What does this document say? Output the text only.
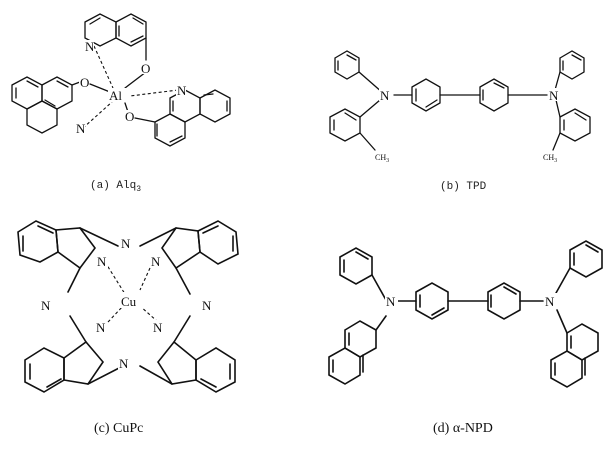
Al
N
O
O
N
O
N
(a) Alq$_3$
N	N
$CH_3$	$CH_3$
(b) TPD
Cu
N
N
N	N
N	N
N	N
(c) CuPc
N	N
(d) α-NPD
